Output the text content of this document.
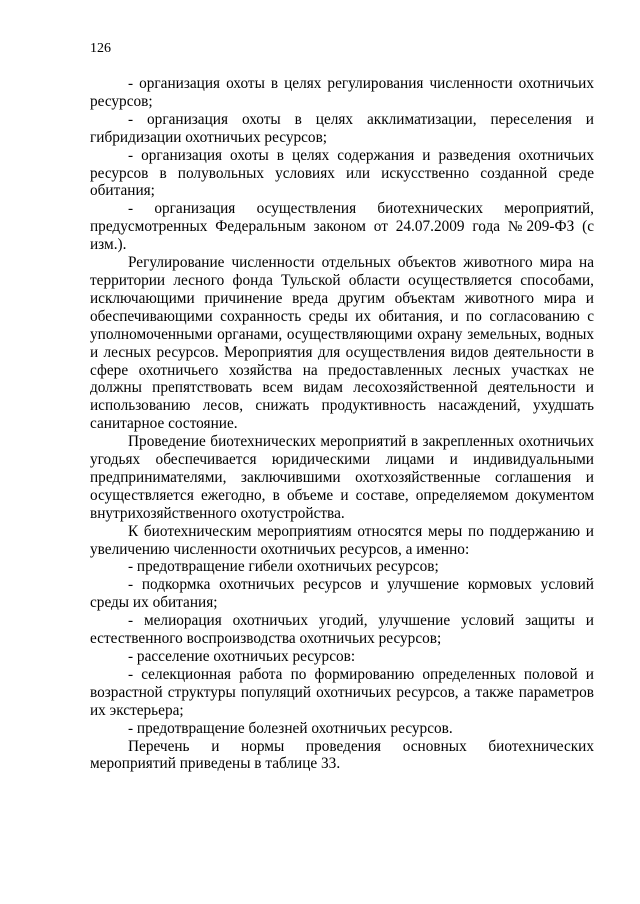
126

- организация охоты в целях регулирования численности охотничьих ресурсов;

- организация охоты в целях акклиматизации, переселения и гибридизации охотничьих ресурсов;

- организация охоты в целях содержания и разведения охотничьих ресурсов в полувольных условиях или искусственно созданной среде обитания;

- организация осуществления биотехнических мероприятий, предусмотренных Федеральным законом от 24.07.2009 года №209-ФЗ (с изм.).

Регулирование численности отдельных объектов животного мира на территории лесного фонда Тульской области осуществляется способами, исключающими причинение вреда другим объектам животного мира и обеспечивающими сохранность среды их обитания, и по согласованию с уполномоченными органами, осуществляющими охрану земельных, водных и лесных ресурсов. Мероприятия для осуществления видов деятельности в сфере охотничьего хозяйства на предоставленных лесных участках не должны препятствовать всем видам лесохозяйственной деятельности и использованию лесов, снижать продуктивность насаждений, ухудшать санитарное состояние.

Проведение биотехнических мероприятий в закрепленных охотничьих угодьях обеспечивается юридическими лицами и индивидуальными предпринимателями, заключившими охотхозяйственные соглашения и осуществляется ежегодно, в объеме и составе, определяемом документом внутрихозяйственного охотустройства.

К биотехническим мероприятиям относятся меры по поддержанию и увеличению численности охотничьих ресурсов, а именно:

- предотвращение гибели охотничьих ресурсов;

- подкормка охотничьих ресурсов и улучшение кормовых условий среды их обитания;

- мелиорация охотничьих угодий, улучшение условий защиты и естественного воспроизводства охотничьих ресурсов;

- расселение охотничьих ресурсов:

- селекционная работа по формированию определенных половой и возрастной структуры популяций охотничьих ресурсов, а также параметров их экстерьера;

- предотвращение болезней охотничьих ресурсов.

Перечень и нормы проведения основных биотехнических мероприятий приведены в таблице 33.
